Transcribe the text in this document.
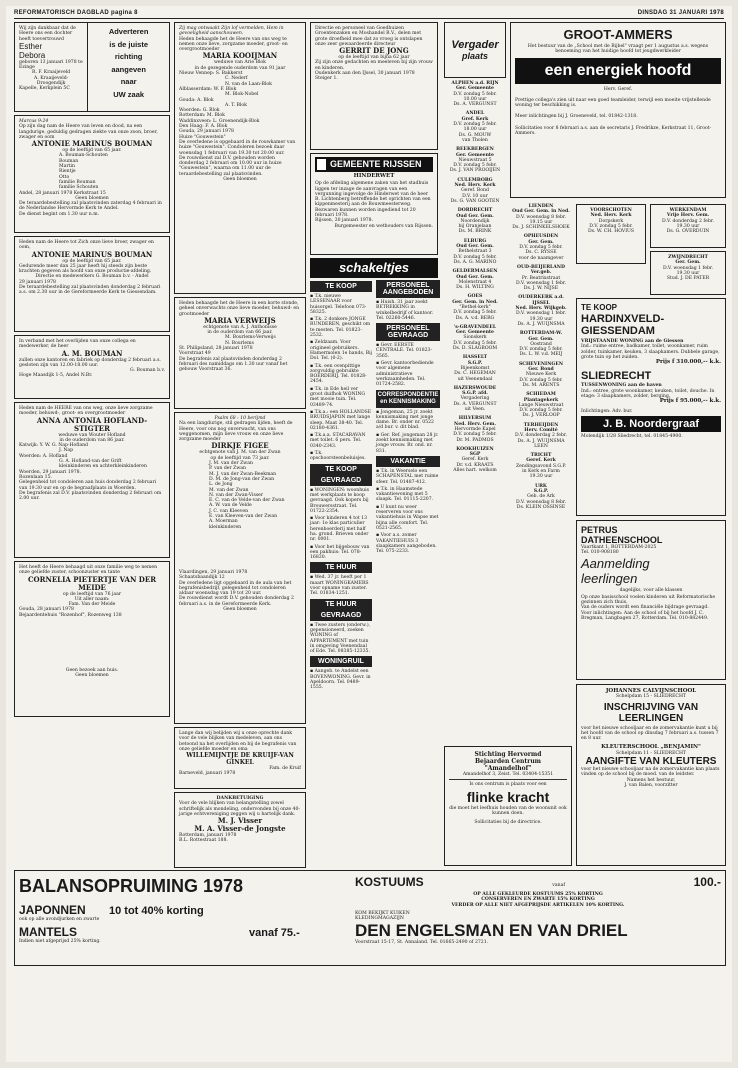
REFORMATORISCH DAGBLAD pagina 8	DINSDAG 31 JANUARI 1978
Wij zijn dankbaar dat de Heere ons een dochter heeft toevertrouwd
Esther
Debora
geboren 13 januari 1978 te Ezinge
R. F. Kraaijeveld
A. Kraaijeveld-
Droogendijk
Kapelle, Kerkplein 5C
Adverteren
is de juiste
richting
aangeven
naar
UW zaak
Marcus 9:24
Op zijn dag nam de Heere van leven en dood, na een langdurige, geduldig gedragen ziekte van onze zoon, broer, zwager en oom
ANTONIE MARINUS BOUMAN
op de leeftijd van 65 jaar.
A. Bouman-Schouten
Bouman
Martin
Rientje
Otto
familie Bouman
familie Schouten
Andel, 28 januari 1978 Kerkstraat 15
Geen bloemen
De teraardebestelling zal plaatsvinden zaterdag 4 februari in de Nederlandse Hervormde Kerk te Andel.
De dienst begint om 1.30 uur n.m.
Heden nam de Heere tot Zich onze lieve broer, zwager en oom,
ANTONIE MARINUS BOUMAN
op de leeftijd van 65 jaar.
Gedurende meer dan 25 jaar heeft hij steeds zijn beste krachten gegeven als hoofd van onze productie-afdeling.
Directie en medewerkers G. Bouman b.v. - Andel
29 januari 1978
De teraardebestelling zal plaatsvinden donderdag 2 februari a.s. om 2.30 uur in de Gereformeerde Kerk te Giessendam.
In verband met het overlijden van onze collega en medewerker, de heer
A. M. BOUMAN
zullen onze kantoren en fabriek op donderdag 2 februari a.s. gesloten zijn van 12.00-18.00 uur.
G. Bouman b.v.
Hoge Maasdijk 1-5, Andel N.Br.
Heden nam de HEERE van ons weg, onze lieve zorgzame moeder, behuwd-, groot- en overgrootmoeder
ANNA ANTONIA HOFLAND-STIGTER
weduwe van Wouter Hofland
in de ouderdom van 86 jaar.
Katwijk: Y. W. G. Nap-Hofland
J. Nap
Woerden: A. Hofland
G. A. Hofland-van der Grift
kleinkinderen en achterkleinkinderen
Woerden, 29 januari 1978.
Rozenlaan 15.
Gelegenheid tot condoleren aan huis donderdag 2 februari van 19.30 uur en op de begraafplaats in Woerden.
De begrafenis zal D.V. plaatsvinden donderdag 2 februari om 2.00 uur.
Het heeft de Heere behaagd uit onze familie weg te nemen onze geliefde zuster, schoonzuster en tante
CORNELIA PIETERTJE VAN DER MEIDE
op de leeftijd van 76 jaar
Uit aller naam:
Fam. Van der Meide
Gouda, 28 januari 1978
Bejaardentehuis "Rozenhof", Rozenweg 138
Geen bezoek aan huis.
Geen bloemen
Zij mag ontwaakt Zijn lof vermelden, Hem in gevoeligheid aanschouwen.
Heden behaagde het de Heere van ons weg te nemen onze lieve, zorgzame moeder, groot- en overgrootmoeder
MARIA KOOIJMAN
weduwe van Arie Blok
in de gezegende ouderdom van 91 jaar
Nieuw Vennep: S. Bakkerst
C. Nederf
N. van de Laan-Blok
Alblasserdam: W. F. Blok
M. Blok-Nobel
Gouda: A. Blok
A. T. Blok
Woerden: G. Blok
Rotterdam: M. Blok
Waddinxveen: L. Groenendijk-Blok
Den Haag: F. A. Blok
Gouda, 29 januari 1978
Huize "Gouwestein"
De overledene is opgebaard in de rouwkamer van huize "Gouwestein". Condoleren bezoek daar woensdag 1 februari van 19.30 tot 20.00 uur.
De rouwdienst zal D.V. gehouden worden donderdag 2 februari om 10.00 uur in huize "Gouwestein", waarna om 11.00 uur de teraardebestelling zal plaatsvinden.
Geen bloemen
Heden behaagde het de Heere in een korte stonde, geheel onverwachts onze lieve moeder, behuwd- en grootmoeder
MARIA VERWEIJS
echtgenote van A. J. Anthonisse
in de ouderdom van 66 jaar.
M. Bourlems-Verweijs
N. Bourlems
St. Philipsland, 28 januari 1978
Voorstraat 49
De begrafenis zal plaatsvinden donderdag 2 februari des namiddags om 1.30 uur vanaf het gebouw Voorstraat 36.
Psalm 68 : 10 berijmd
Na een langdurige, stil gedragen lijden, heeft de Heere, voor ons nog onverwacht, van ons weggenomen, mijn lieve vrouw en onze lieve zorgzame moeder
DIRKJE FIGEE
echtgenote van J. M. van der Zwan
op de leeftijd van 73 jaar.
J. M. van der Zwan
P. van der Zwan
M. J. van der Zwan-Beekman
D. M. de Jong-van der Zwan
L. de Jong
M. van der Zwan
N. van der Zwan-Visser
E. C. van de Velde-van der Zwan
A. W. van de Velde
J. C. van Kleeven
E. van Kleeven-van der Zwan
A. Moerman
kleinkinderen
Vlaardingen, 29 januari 1978
Schaatsbaandijk 12
De overledene ligt opgebaard in de aula van het begrafenisbedrijf, gelegenheid tot condoleren aldaar woensdag van 19 tot 20 uur.
De rouwdienst wordt D.V. gehouden donderdag 2 februari a.s. in de Gereformeerde Kerk.
Geen bloemen
Lange dan wij belijden wij u onze oprechte dank voor de vele blijken van medeleven, aan ons betoond na het overlijden en bij de begrafenis van onze geliefde moeder en oma
WILLEMIJNTJE DE KRUIJF-VAN GINKEL
Fam. de Kruif
Barneveld, januari 1978
DANKBETUIGING
Voor de vele blijken van belangstelling zowel schriftelijk als mondeling, ondervonden bij onze 40-jarige echtvereniging zeggen wij u hartelijk dank.
M. J. Visser
M. A. Visser-de Jongste
Rotterdam, januari 1978
B.L. Rottestraat 188.
Directie en personeel van Goedhuizen Groentenzaken en Moshandel B.V., delen met grote droefheid mee dat zo vroeg is ontslapen onze zeer gewaardeerde directeur
GERRIT DE JONG
op de leeftijd van bijna 62 jaar
Zij zijn onze gedachten en meeleven bij zijn vrouw en kinderen.
Oudenkerk aan den IJssel, 30 januari 1978 Steiger 1.
GEMEENTE RIJSSEN
HINDERWET
Op de afdeling algemene zaken van het stadhuis liggen ter inzage de aanvragen van een vergunning ingevolge de Hinderwet van de heer B. Lichtenberg betreffende het oprichten van een kippenmesterij aan de Bouwmeesterweg. Bezwaren kunnen worden ingediend tot 20 februari 1978.
Rijssen, 30 januari 1978.
Burgemeester en wethouders van Rijssen.
schakeltjes
TE KOOP
▪ T.k. nieuwe LESSENAAR voor huisorgel. Telefoon 073-58325.
▪ T.k. 2 donkere JONGE RUNDEREN, geschikt om te mesten. Tel. 01823-2532.
▪ Zeldzaam. Voor origineel gebruikers. Hamermolen 1e hands, Bij Dol. Tel. (0-2).
▪ T.k. een ovenpittige zorgvuldig gebruikte BOERDERIJ. Tel. 01828-2454.
▪ T.k. in Ede heil ver groot duifhok WONING met mooie tuin. Tel. 03489-74.
▪ T.k.a.: een HOLLANDSE BRUIDSJAPON met lange sleep. Maat 38-40. Tel. 02180-4361.
▪ T.k.a.a. STACARAVAN met toilet. 6 pers. Tel. 0340-2343.
▪ T.k. opschoorsteenbeluisjes.
TE KOOP GEVRAAGD
▪ WONINGEN: woonhuis met werkplaats te koop gevraagd. Ook kopers bij Brouwersstraat. Tel. 01722-2354.
▪ Voor kinderen 4 tot 13 jaar: 1e klas particulier herenboerderij met half ha. grond. Brieven onder nr. 0001.
▪ Voor het bijgebouw van een pakhuis: Tel. 078-16830.
TE HUUR
▪ Wed. 37 jr. heeft per 1 maart WONINGKAMERS voor opname van zuster. Tel. 01834-1251.
TE HUUR GEVRAAGD
▪ Twee zusters (onderw.), gepensioneerd, zoeken WONING of APPARTEMENT met tuin in omgeving Veenendaal of Ede. Tel. 08385-12335.
WONINGRUIL
▪ Aangeb. te Andelst een BOVENWONING. Gevr. in Apeldoorn. Tel. 0489-1555.
PERSONEEL AANGEBODEN
▪ Huish. 31 jaar zoekt BETREKKING in winkelbedrijf of kantoor. Tel. 02260-5446.
PERSONEEL GEVRAAGD
▪ Gevr. EERSTE CENTRALE. Tel. 01823-3565.
▪ Gevr. kantoorbediende voor algemene administratieve werkzaamheden. Tel. 01724-2582.
CORRESPONDENTIE en KENNISMAKING
▪ Jongeman, 25 jr. zoekt kennismaking met jonge dame. Br. onder nr. 0522 a/d bur. v. dit blad.
▪ Ger. Ref. jongeman 28 jr. zoekt kennismaking met jonge vrouw. Br. ond. nr. 831.
VAKANTIE
▪ T.k. in Weerselo een SCHAPENSTAL met ruime sfeer. Tel. 01487-412.
▪ T.k. in Haamstede vakantiewoning met 5 slaapk. Tel. 01115-2207.
▪ U kunt nu weer reserveren voor ons vakantiehuis in Wapse met bijna alle comfort. Tel. 0521-2565.
▪ Voor a.s. zomer VAKANTIEHUIS 3 slaapkamers aangeboden. Tel. 075-2233.
Vergader
plaats
ALPHEN a.d. RIJN
Ger. Gemeente
D.V. zondag 5 febr.
10.00 uur
Ds. A. VERGUNST
ANDEL
Gref. Kerk
D.V. zondag 5 febr.
18.00 uur
Ds. G. MOUW
van Tholen
BEEKBERGEN
Ger. Gemeente
Nieuwstraat 5
D.V. zondag 5 febr.
Ds. J. VAN PROOIJEN
CULEMBORG
Ned. Herv. Kerk
Geref. Bond
D.V. 10 uur
Ds. G. VAN GOOTEN
DORDRECHT
Oud Ger. Gem.
Noordendijk
bij Oranjelaan
Ds. M. BRINK
ELBURG
Oud Ger. Gem.
Bethelstraat 3
D.V. zondag 5 febr.
Ds. A. G. MARINO
GELDERMALSEN
Oud Ger. Gem.
Molenstraat 4
Ds. H. WILTING
GOES
Ger. Gem. in Ned.
"Bethel-kerk"
D.V. zondag 5 febr.
Ds. A. v.d. BERG
's-GRAVENDEEL
Ger. Gemeente
Sionskerk
D.V. zondag 5 febr.
Ds. D. SLAGBOOM
HASSELT
S.G.P.
Bijeenkomst
Ds. C. HEGEMAN
uit Veenendaal
HAZERSWOUDE
S.G.P. afd.
Vergadering
Ds. A. VERGUNST
uit Veen.
HILVERSUM
Ned. Herv. Gem.
Hervormde Kapel
D.V. zondag 5 febr.
Dr. M. PADMOS
KOOKHUIZEN
SGP
Geref. Kerk
Dr. v.d. KRAATS
Alles hart. welkom
LIENDEN
Oud Ger. Gem. in Ned.
D.V. woensdag 8 febr.
19.15 uur
Ds. J. SCHINKELSHOEK
OPHEUSDEN
Ger. Gem.
D.V. zondag 5 febr.
Ds. C. RYSSE
voor de naamgever
OUD-BEIJERLAND
Ver.geb.
Pr. Beatrixstraat
D.V. woensdag 1 febr.
Ds. J. W. NIJSE
OUDERKERK a.d. IJSSEL
Ned. Herv. Wijkgeb.
D.V. woensdag 1 febr.
19.30 uur
Ds. A. J. WUIJNSMA
ROTTERDAM-W.
Ger. Gem.
Oostrand
D.V. zondag 5 febr.
Ds. L. W. v.d. MEIJ
SCHEVENINGEN
Ger. Bond
Nieuwe Kerk
D.V. zondag 5 febr.
Ds. M. ARENTS
SCHIEDAM
Plantagekerk
Lange Nieuwstraat
D.V. zondag 5 febr.
Ds. J. VERLOOP
TERHEIJDEN
Herv. Comité
D.V. donderdag 2 febr.
Ds. A. J. WUIJNSMA
LEEN
TRICHT
Geref. Kerk
Zendingsavond S.G.P.
in Kerk en Farm
19.30 uur
URK
S.G.P.
Geb. de Ark
D.V. woensdag 8 febr.
Ds. KLEIN OSSINSE
VOORSCHOTEN
Ned. Herv. Kerk
Dorpskerk
D.V. zondag 5 febr.
Ds. W. CH. HOVIUS
WERKENDAM
Vrije Herv. Gem.
D.V. donderdag 2 febr.
19.30 uur
Ds. G. OVERDUIN
ZWIJNDRECHT
Ger. Gem.
D.V. woensdag 1 febr.
19.30 uur
Stud. J. DE PATER
GROOT-AMMERS
Het bestuur van de „School met de Bijbel" vraagt per 1 augustus a.s. wegens benoeming van het huidige hoofd tot jeugdwerkleider
een energiek hoofd
Herv. Geref.
Prettige collega's zien uit naar een goed teamleider, terwijl een moeite vrijstellende woning ter beschikking is.
Meer inlichtingen bij J. Groeneveld, tel. 01842-1318.
Sollicitaties voor 8 februari a.s. aan de secretaris J. Fredrikze, Kerkstraat 11, Groot-Ammers.
TE KOOP
HARDINXVELD-GIESSENDAM
VRIJSTAANDE WONING aan de Giessen
Ind.: ruime entree, badkamer, toilet, woonkamer, ruim zolder, tuinkamer, keuken, 3 slaapkamers. Dubbele garage, grote tuin op het zuiden.
Prijs f 310.000,-- k.k.
SLIEDRECHT
TUSSENWONING aan de haven
Ind.: entree, grote woonkamer, keuken, toilet, douche. In etage: 3 slaapkamers, zolder, berging.
Prijs f 95.000,-- k.k.
Inlichtingen: Adv. bur.
J. B. Noordergraaf
Molendijk 1/28 Sliedrecht, tel. 01845-4900.
PETRUS
DATHEENSCHOOL
Vaartkant 1, ROTTERDAM-2025
Tel. 010-908180
Aanmelding
leerlingen
dagelijks, voor alle klassen
Op onze basisschool voelen kinderen uit Reformatorische gezinnen zich thuis.
Van de ouders wordt een financiële bijdrage gevraagd.
Voor inlichtingen: Aan de school of bij het hoofd J. C. Bregman, Langbagen 27, Rotterdam. Tel. 010-882449.
JOHANNES CALVIJNSCHOOL
Schelpdam 15 - SLIEDRECHT
INSCHRIJVING VAN LEERLINGEN
voor het nieuwe schooljaar en de zomervakantie kunt u bij het hoofd van de school op dinsdag 7 februari a.s. tussen 7 en 8 uur.
KLEUTERSCHOOL „BENJAMIN"
Schelpdam 11 - SLIEDRECHT
AANGIFTE VAN KLEUTERS
voor het nieuwe schooljaar na de zomervakantie kan plaats vinden op de school bij de moed. van de leidster.
Namens het bestuur,
J. van Balen, voorzitter
Stichting Hervormd
Bejaarden Centrum
"Amandelhof"
Amandelhof 3, Zeist. Tel. 03404-15351
Is ons centrum is plaats voor een
flinke kracht
die moet het leefhuis houden van de woonunit ook kunnen doen.
Sollicitaties bij de directrice.
BALANSOPRUIMING 1978
JAPONNEN	10 tot 40% korting
ook op alle avondjurken en zwarte
MANTELS	vanaf 75.-
Indien niet afgeprijsd 25% korting.
KOSTUUMS	vanaf	100.-
OP ALLE GEKLEURDE KOSTUUMS 25% KORTING
CONSERVEREN EN ZWARTE 15% KORTING
VERDER OP ALLE NIET AFGEPRIJSDE ARTIKELEN 10% KORTING.
KOM BEKIJKT KUIKEN
KLEDINGMAGAZIJN
DEN ENGELSMAN EN VAN DRIEL
Voorstraat 15-17, St. Annaland. Tel. 01665-2490 of 2721.
